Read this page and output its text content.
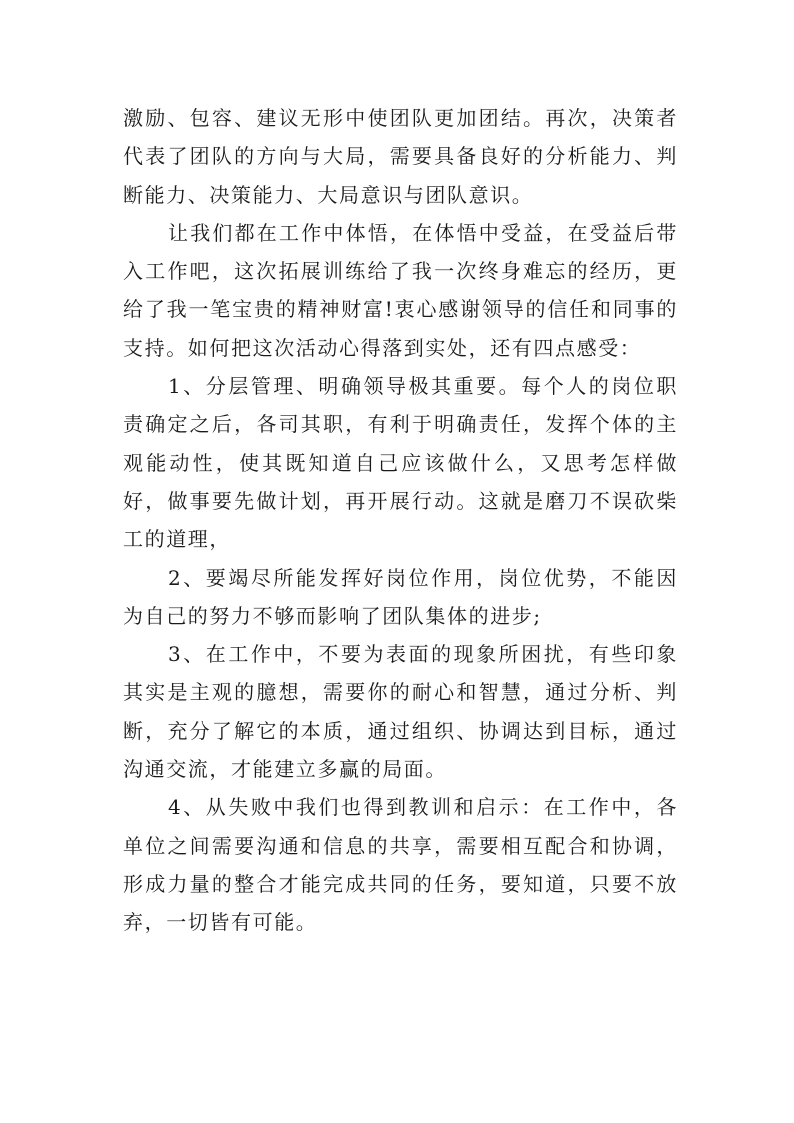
激励、包容、建议无形中使团队更加团结。再次，决策者代表了团队的方向与大局，需要具备良好的分析能力、判断能力、决策能力、大局意识与团队意识。

让我们都在工作中体悟，在体悟中受益，在受益后带入工作吧，这次拓展训练给了我一次终身难忘的经历，更给了我一笔宝贵的精神财富!衷心感谢领导的信任和同事的支持。如何把这次活动心得落到实处，还有四点感受：

1、分层管理、明确领导极其重要。每个人的岗位职责确定之后，各司其职，有利于明确责任，发挥个体的主观能动性，使其既知道自己应该做什么，又思考怎样做好，做事要先做计划，再开展行动。这就是磨刀不误砍柴工的道理，

2、要竭尽所能发挥好岗位作用，岗位优势，不能因为自己的努力不够而影响了团队集体的进步;

3、在工作中，不要为表面的现象所困扰，有些印象其实是主观的臆想，需要你的耐心和智慧，通过分析、判断，充分了解它的本质，通过组织、协调达到目标，通过沟通交流，才能建立多赢的局面。

4、从失败中我们也得到教训和启示：在工作中，各单位之间需要沟通和信息的共享，需要相互配合和协调，形成力量的整合才能完成共同的任务，要知道，只要不放弃，一切皆有可能。
